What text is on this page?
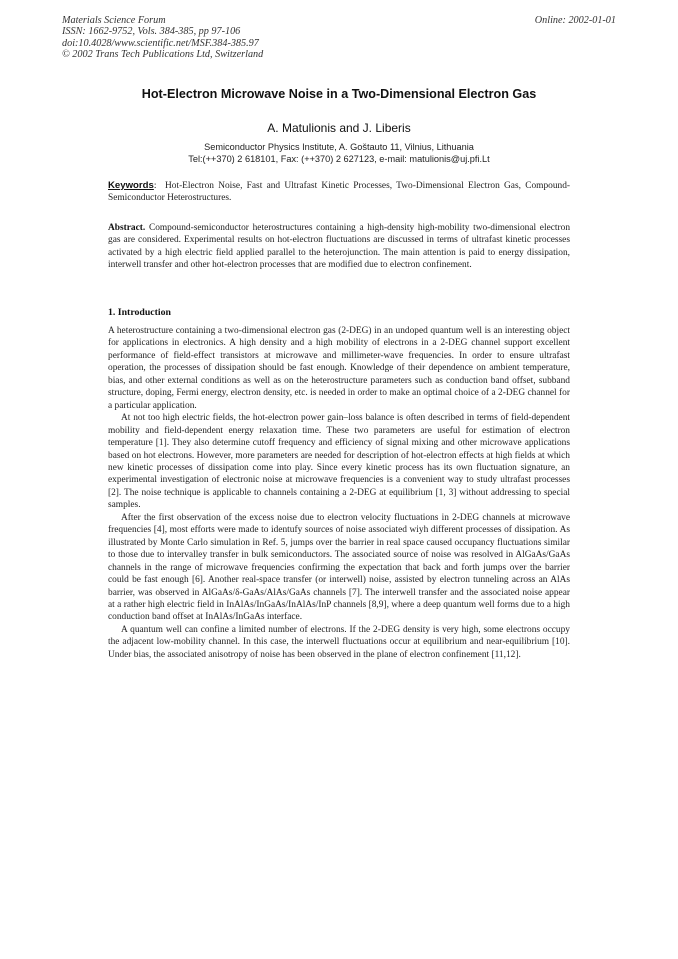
Materials Science Forum
ISSN: 1662-9752, Vols. 384-385, pp 97-106
doi:10.4028/www.scientific.net/MSF.384-385.97
© 2002 Trans Tech Publications Ltd, Switzerland
Online: 2002-01-01
Hot-Electron Microwave Noise in a Two-Dimensional Electron Gas
A. Matulionis and J. Liberis
Semiconductor Physics Institute, A. Goštauto 11, Vilnius, Lithuania
Tel:(++370) 2 618101, Fax: (++370) 2 627123, e-mail: matulionis@uj.pfi.Lt
Keywords: Hot-Electron Noise, Fast and Ultrafast Kinetic Processes, Two-Dimensional Electron Gas, Compound-Semiconductor Heterostructures.
Abstract. Compound-semiconductor heterostructures containing a high-density high-mobility two-dimensional electron gas are considered. Experimental results on hot-electron fluctuations are discussed in terms of ultrafast kinetic processes activated by a high electric field applied parallel to the heterojunction. The main attention is paid to energy dissipation, interwell transfer and other hot-electron processes that are modified due to electron confinement.
1. Introduction

A heterostructure containing a two-dimensional electron gas (2-DEG) in an undoped quantum well is an interesting object for applications in electronics. A high density and a high mobility of electrons in a 2-DEG channel support excellent performance of field-effect transistors at microwave and millimeter-wave frequencies. In order to ensure ultrafast operation, the processes of dissipation should be fast enough. Knowledge of their dependence on ambient temperature, bias, and other external conditions as well as on the heterostructure parameters such as conduction band offset, subband structure, doping, Fermi energy, electron density, etc. is needed in order to make an optimal choice of a 2-DEG channel for a particular application.

At not too high electric fields, the hot-electron power gain–loss balance is often described in terms of field-dependent mobility and field-dependent energy relaxation time. These two parameters are useful for estimation of electron temperature [1]. They also determine cutoff frequency and efficiency of signal mixing and other microwave applications based on hot electrons. However, more parameters are needed for description of hot-electron effects at high fields at which new kinetic processes of dissipation come into play. Since every kinetic process has its own fluctuation signature, an experimental investigation of electronic noise at microwave frequencies is a convenient way to study ultrafast processes [2]. The noise technique is applicable to channels containing a 2-DEG at equilibrium [1, 3] without addressing to special samples.

After the first observation of the excess noise due to electron velocity fluctuations in 2-DEG channels at microwave frequencies [4], most efforts were made to identufy sources of noise associated wiyh different processes of dissipation. As illustrated by Monte Carlo simulation in Ref. 5, jumps over the barrier in real space caused occupancy fluctuations similar to those due to intervalley transfer in bulk semiconductors. The associated source of noise was resolved in AlGaAs/GaAs channels in the range of microwave frequencies confirming the expectation that back and forth jumps over the barrier could be fast enough [6]. Another real-space transfer (or interwell) noise, assisted by electron tunneling across an AlAs barrier, was observed in AlGaAs/δ-GaAs/AlAs/GaAs channels [7]. The interwell transfer and the associated noise appear at a rather high electric field in InAlAs/InGaAs/InAlAs/InP channels [8,9], where a deep quantum well forms due to a high conduction band offset at InAlAs/InGaAs interface.

A quantum well can confine a limited number of electrons. If the 2-DEG density is very high, some electrons occupy the adjacent low-mobility channel. In this case, the interwell fluctuations occur at equilibrium and near-equilibrium [10]. Under bias, the associated anisotropy of noise has been observed in the plane of electron confinement [11,12].
